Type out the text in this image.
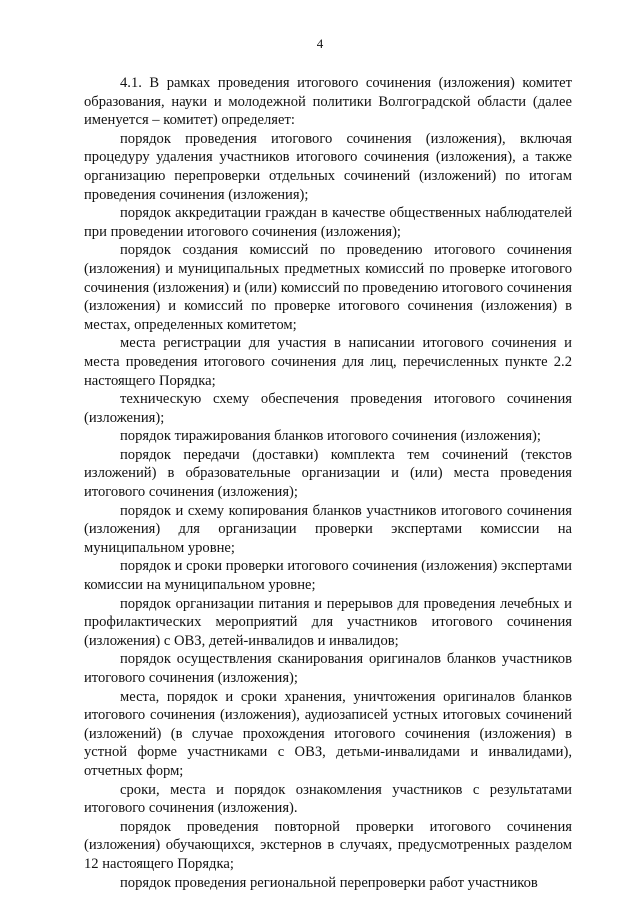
4

4.1. В рамках проведения итогового сочинения (изложения) комитет образования, науки и молодежной политики Волгоградской области (далее именуется – комитет) определяет:

порядок проведения итогового сочинения (изложения), включая процедуру удаления участников итогового сочинения (изложения), а также организацию перепроверки отдельных сочинений (изложений) по итогам проведения сочинения (изложения);

порядок аккредитации граждан в качестве общественных наблюдателей при проведении итогового сочинения (изложения);

порядок создания комиссий по проведению итогового сочинения (изложения) и муниципальных предметных комиссий по проверке итогового сочинения (изложения) и (или) комиссий по проведению итогового сочинения (изложения) и комиссий по проверке итогового сочинения (изложения) в местах, определенных комитетом;

места регистрации для участия в написании итогового сочинения и места проведения итогового сочинения для лиц, перечисленных пункте 2.2 настоящего Порядка;

техническую схему обеспечения проведения итогового сочинения (изложения);

порядок тиражирования бланков итогового сочинения (изложения);

порядок передачи (доставки) комплекта тем сочинений (текстов изложений) в образовательные организации и (или) места проведения итогового сочинения (изложения);

порядок и схему копирования бланков участников итогового сочинения (изложения) для организации проверки экспертами комиссии на муниципальном уровне;

порядок и сроки проверки итогового сочинения (изложения) экспертами комиссии на муниципальном уровне;

порядок организации питания и перерывов для проведения лечебных и профилактических мероприятий для участников итогового сочинения (изложения) с ОВЗ, детей-инвалидов и инвалидов;

порядок осуществления сканирования оригиналов бланков участников итогового сочинения (изложения);

места, порядок и сроки хранения, уничтожения оригиналов бланков итогового сочинения (изложения), аудиозаписей устных итоговых сочинений (изложений) (в случае прохождения итогового сочинения (изложения) в устной форме участниками с ОВЗ, детьми-инвалидами и инвалидами), отчетных форм;

сроки, места и порядок ознакомления участников с результатами итогового сочинения (изложения).

порядок проведения повторной проверки итогового сочинения (изложения) обучающихся, экстернов в случаях, предусмотренных разделом 12 настоящего Порядка;

порядок проведения региональной перепроверки работ участников
